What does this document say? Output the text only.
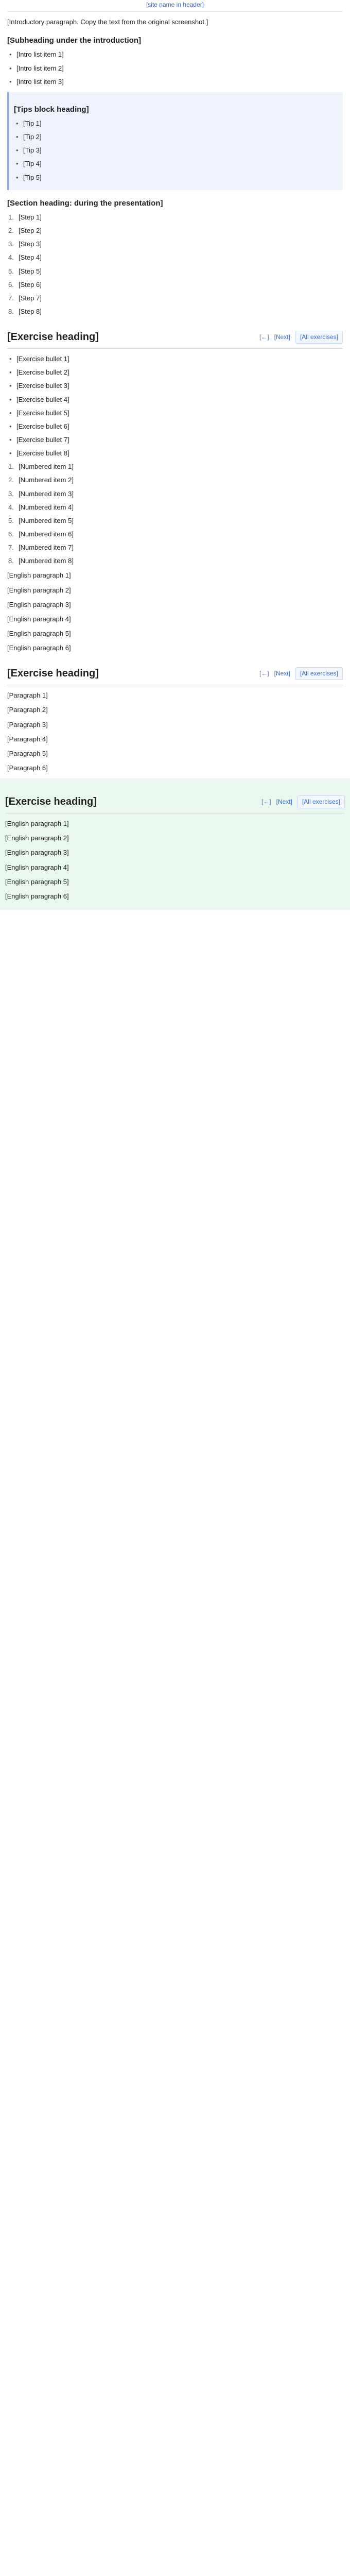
[site name in header]
[Introductory paragraph. Copy the text from the original screenshot.]
[Subheading under the introduction]
• [Intro list item 1]
• [Intro list item 2]
• [Intro list item 3]
[Tips block heading]
• [Tip 1]
• [Tip 2]
• [Tip 3]
• [Tip 4]
• [Tip 5]
[Section heading: during the presentation]
[Step 1]
[Step 2]
[Step 3]
[Step 4]
[Step 5]
[Step 6]
[Step 7]
[Step 8]
[Exercise heading]	[←] [Next]	[All exercises]
• [Exercise bullet 1]
• [Exercise bullet 2]
• [Exercise bullet 3]
• [Exercise bullet 4]
• [Exercise bullet 5]
• [Exercise bullet 6]
• [Exercise bullet 7]
• [Exercise bullet 8]
[Numbered item 1]
[Numbered item 2]
[Numbered item 3]
[Numbered item 4]
[Numbered item 5]
[Numbered item 6]
[Numbered item 7]
[Numbered item 8]
[English paragraph 1]
[English paragraph 2]
[English paragraph 3]
[English paragraph 4]
[English paragraph 5]
[English paragraph 6]
[Exercise heading]	[←] [Next]	[All exercises]
[Paragraph 1]
[Paragraph 2]
[Paragraph 3]
[Paragraph 4]
[Paragraph 5]
[Paragraph 6]
[Exercise heading]	[←] [Next]	[All exercises]
[English paragraph 1]
[English paragraph 2]
[English paragraph 3]
[English paragraph 4]
[English paragraph 5]
[English paragraph 6]
